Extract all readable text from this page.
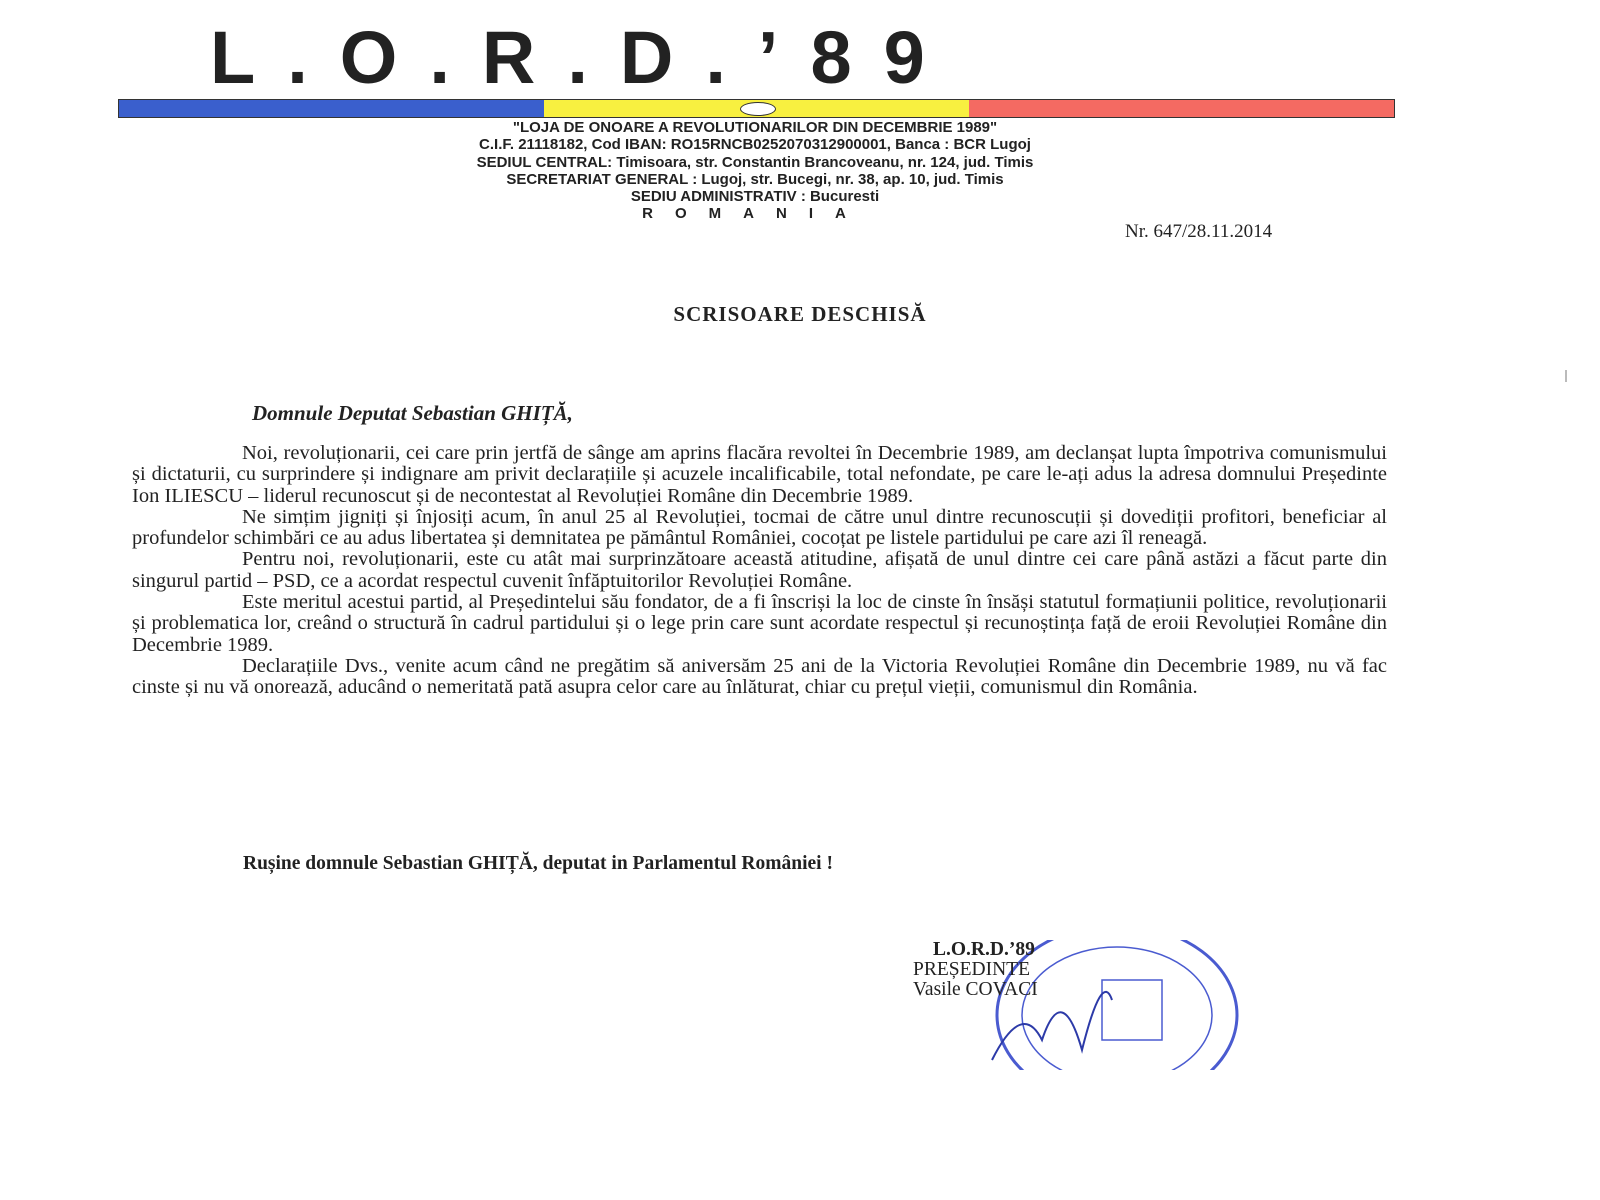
L.O.R.D.’89
"LOJA DE ONOARE A REVOLUTIONARILOR DIN DECEMBRIE 1989"
C.I.F. 21118182, Cod IBAN: RO15RNCB0252070312900001, Banca : BCR Lugoj
SEDIUL CENTRAL: Timisoara, str. Constantin Brancoveanu, nr. 124, jud. Timis
SECRETARIAT GENERAL : Lugoj, str. Bucegi, nr. 38, ap. 10, jud. Timis
SEDIU ADMINISTRATIV : Bucuresti
ROMANIA
Nr. 647/28.11.2014
SCRISOARE DESCHISĂ
Domnule Deputat Sebastian GHIȚĂ,

Noi, revoluționarii, cei care prin jertfă de sânge am aprins flacăra revoltei în Decembrie 1989, am declanșat lupta împotriva comunismului și dictaturii, cu surprindere și indignare am privit declarațiile și acuzele incalificabile, total nefondate, pe care le-ați adus la adresa domnului Președinte Ion ILIESCU – liderul recunoscut și de necontestat al Revoluției Române din Decembrie 1989.

Ne simțim jigniți și înjosiți acum, în anul 25 al Revoluției, tocmai de către unul dintre recunoscuții și dovediții profitori, beneficiar al profundelor schimbări ce au adus libertatea și demnitatea pe pământul României, cocoțat pe listele partidului pe care azi îl reneagă.

Pentru noi, revoluționarii, este cu atât mai surprinzătoare această atitudine, afișată de unul dintre cei care până astăzi a făcut parte din singurul partid – PSD, ce a acordat respectul cuvenit înfăptuitorilor Revoluției Române.

Este meritul acestui partid, al Președintelui său fondator, de a fi înscriși la loc de cinste în însăși statutul formațiunii politice, revoluționarii și problematica lor, creând o structură în cadrul partidului și o lege prin care sunt acordate respectul și recunoștința față de eroii Revoluției Române din Decembrie 1989.

Declarațiile Dvs., venite acum când ne pregătim să aniversăm 25 ani de la Victoria Revoluției Române din Decembrie 1989, nu vă fac cinste și nu vă onorează, aducând o nemeritată pată asupra celor care au înlăturat, chiar cu prețul vieții, comunismul din România.

Rușine domnule Sebastian GHIȚĂ, deputat in Parlamentul României !
L.O.R.D.’89
PREȘEDINTE
Vasile COVACI
